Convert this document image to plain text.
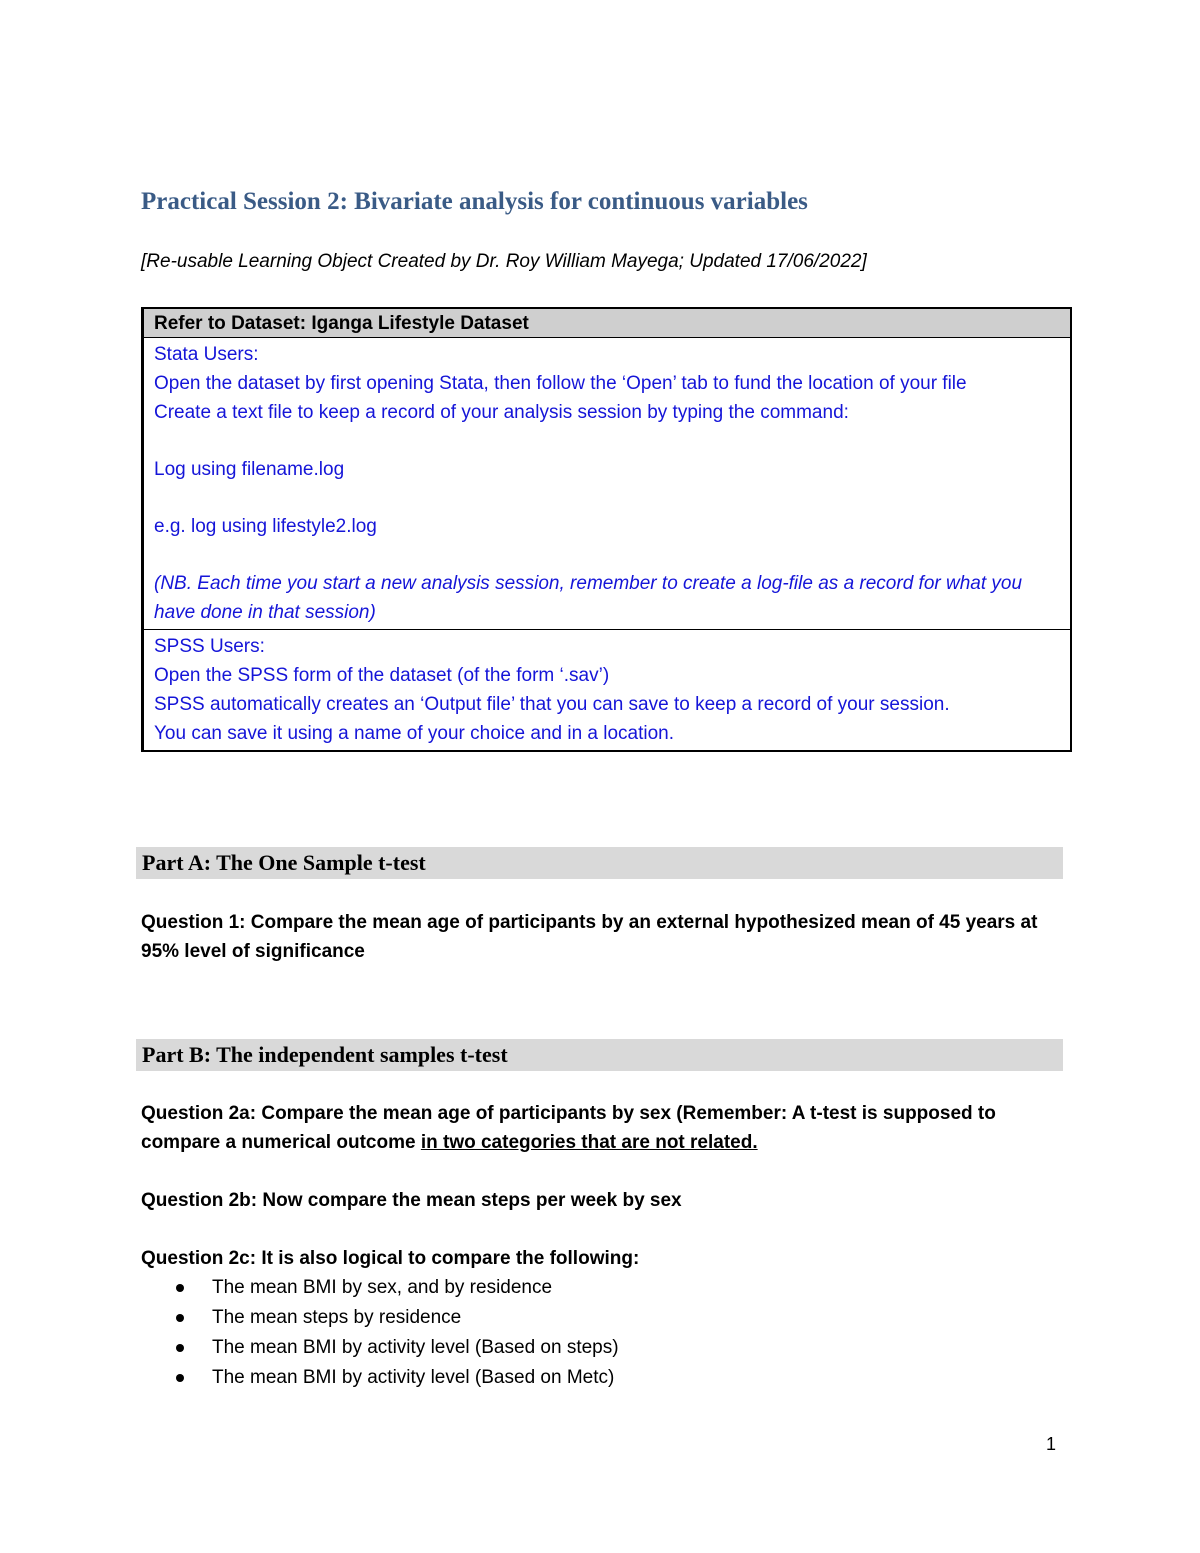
Practical Session 2: Bivariate analysis for continuous variables
[Re-usable Learning Object Created by Dr. Roy William Mayega; Updated 17/06/2022]
Refer to Dataset: Iganga Lifestyle Dataset

Stata Users:

Open the dataset by first opening Stata, then follow the ‘Open’ tab to fund the location of your file

Create a text file to keep a record of your analysis session by typing the command:

Log using filename.log

e.g. log using lifestyle2.log

(NB. Each time you start a new analysis session, remember to create a log-file as a record for what you have done in that session)

SPSS Users:

Open the SPSS form of the dataset (of the form ‘.sav’)

SPSS automatically creates an ‘Output file’ that you can save to keep a record of your session.

You can save it using a name of your choice and in a location.

Part A: The One Sample t-test

Question 1: Compare the mean age of participants by an external hypothesized mean of 45 years at 95% level of significance

Part B: The independent samples t-test

Question 2a: Compare the mean age of participants by sex (Remember: A t-test is supposed to compare a numerical outcome in two categories that are not related.

Question 2b: Now compare the mean steps per week by sex

Question 2c: It is also logical to compare the following:

The mean BMI by sex, and by residence
The mean steps by residence
The mean BMI by activity level (Based on steps)
The mean BMI by activity level (Based on Metc)
1
